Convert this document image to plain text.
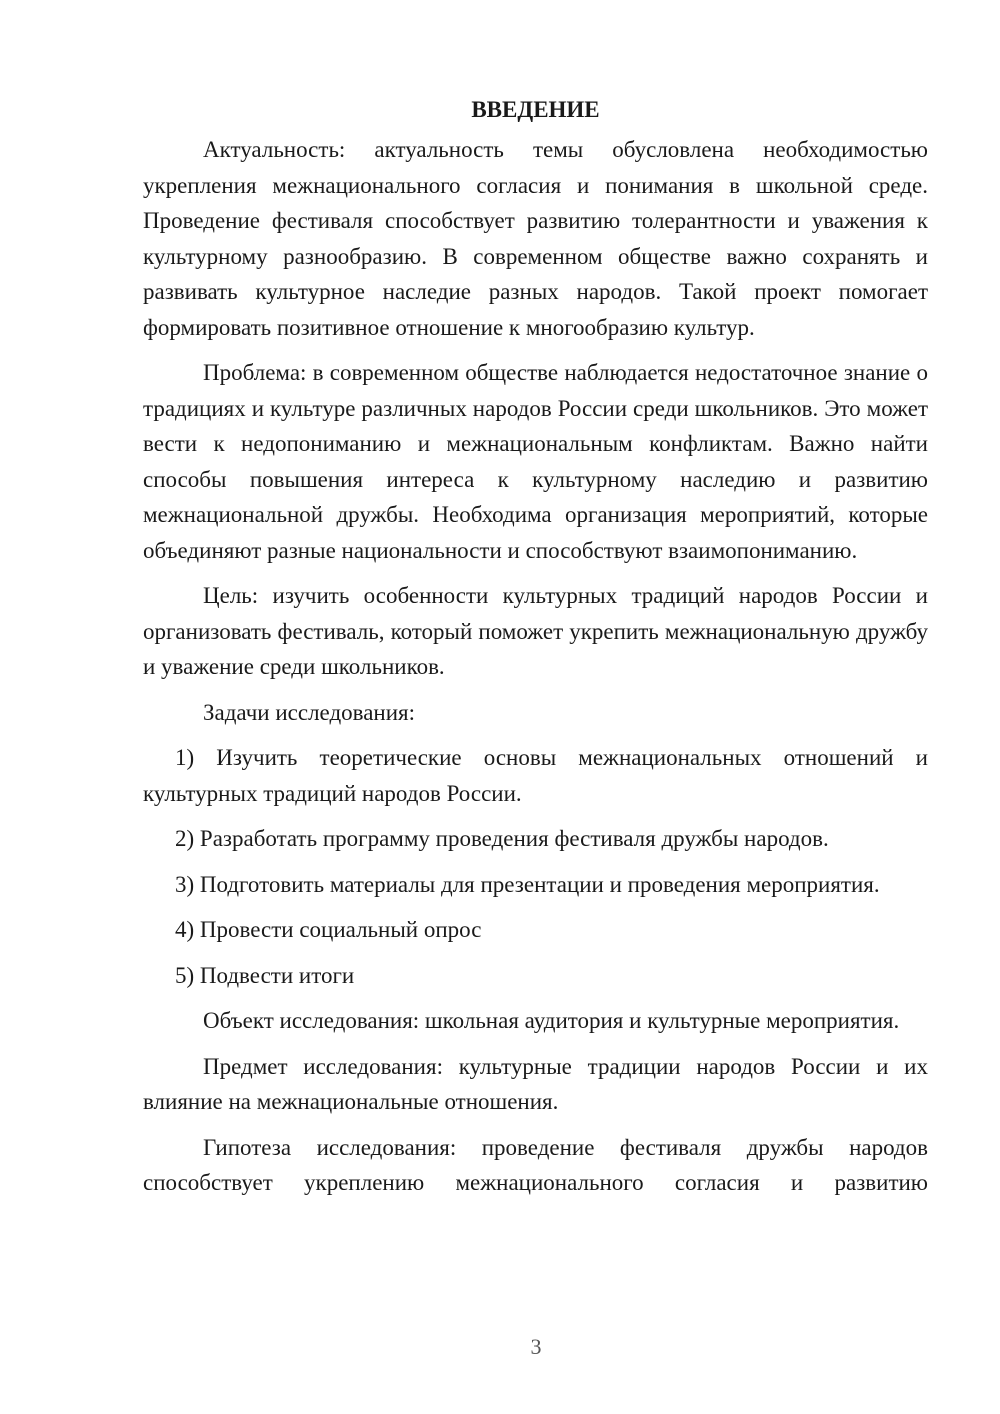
ВВЕДЕНИЕ

Актуальность: актуальность темы обусловлена необходимостью укрепления межнационального согласия и понимания в школьной среде. Проведение фестиваля способствует развитию толерантности и уважения к культурному разнообразию. В современном обществе важно сохранять и развивать культурное наследие разных народов. Такой проект помогает формировать позитивное отношение к многообразию культур.

Проблема: в современном обществе наблюдается недостаточное знание о традициях и культуре различных народов России среди школьников. Это может вести к недопониманию и межнациональным конфликтам. Важно найти способы повышения интереса к культурному наследию и развитию межнациональной дружбы. Необходима организация мероприятий, которые объединяют разные национальности и способствуют взаимопониманию.

Цель: изучить особенности культурных традиций народов России и организовать фестиваль, который поможет укрепить межнациональную дружбу и уважение среди школьников.

Задачи исследования:

1) Изучить теоретические основы межнациональных отношений и культурных традиций народов России.

2) Разработать программу проведения фестиваля дружбы народов.

3) Подготовить материалы для презентации и проведения мероприятия.

4) Провести социальный опрос

5) Подвести итоги

Объект исследования: школьная аудитория и культурные мероприятия.

Предмет исследования: культурные традиции народов России и их влияние на межнациональные отношения.

Гипотеза исследования: проведение фестиваля дружбы народов способствует укреплению межнационального согласия и развитию

3
